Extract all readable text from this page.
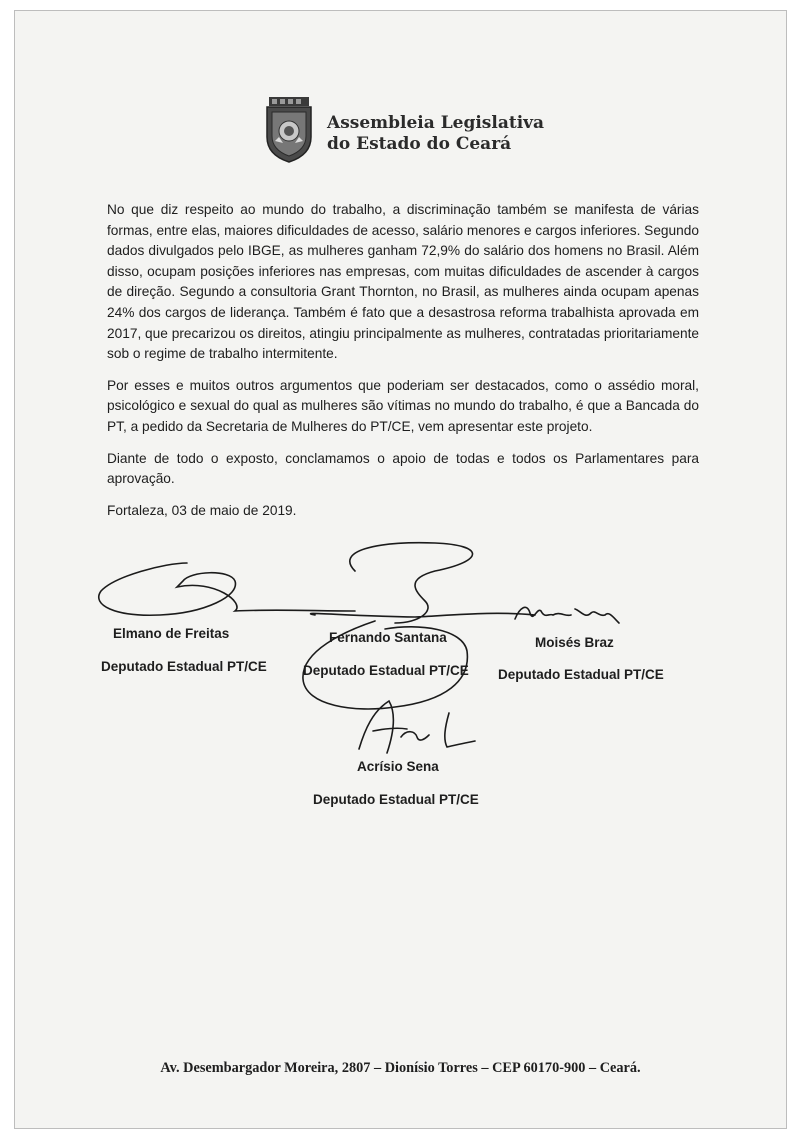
Assembleia Legislativa
do Estado do Ceará

No que diz respeito ao mundo do trabalho, a discriminação também se manifesta de várias formas, entre elas, maiores dificuldades de acesso, salário menores e cargos inferiores. Segundo dados divulgados pelo IBGE, as mulheres ganham 72,9% do salário dos homens no Brasil. Além disso, ocupam posições inferiores nas empresas, com muitas dificuldades de ascender à cargos de direção. Segundo a consultoria Grant Thornton, no Brasil, as mulheres ainda ocupam apenas 24% dos cargos de liderança. Também é fato que a desastrosa reforma trabalhista aprovada em 2017, que precarizou os direitos, atingiu principalmente as mulheres, contratadas prioritariamente sob o regime de trabalho intermitente.

Por esses e muitos outros argumentos que poderiam ser destacados, como o assédio moral, psicológico e sexual do qual as mulheres são vítimas no mundo do trabalho, é que a Bancada do PT, a pedido da Secretaria de Mulheres do PT/CE, vem apresentar este projeto.

Diante de todo o exposto, conclamamos o apoio de todas e todos os Parlamentares para aprovação.

Fortaleza, 03 de maio de 2019.

Elmano de Freitas
Deputado Estadual PT/CE
Fernando Santana
Deputado Estadual PT/CE
Moisés Braz
Deputado Estadual PT/CE
Acrísio Sena
Deputado Estadual PT/CE
Av. Desembargador Moreira, 2807 – Dionísio Torres – CEP 60170-900 – Ceará.
